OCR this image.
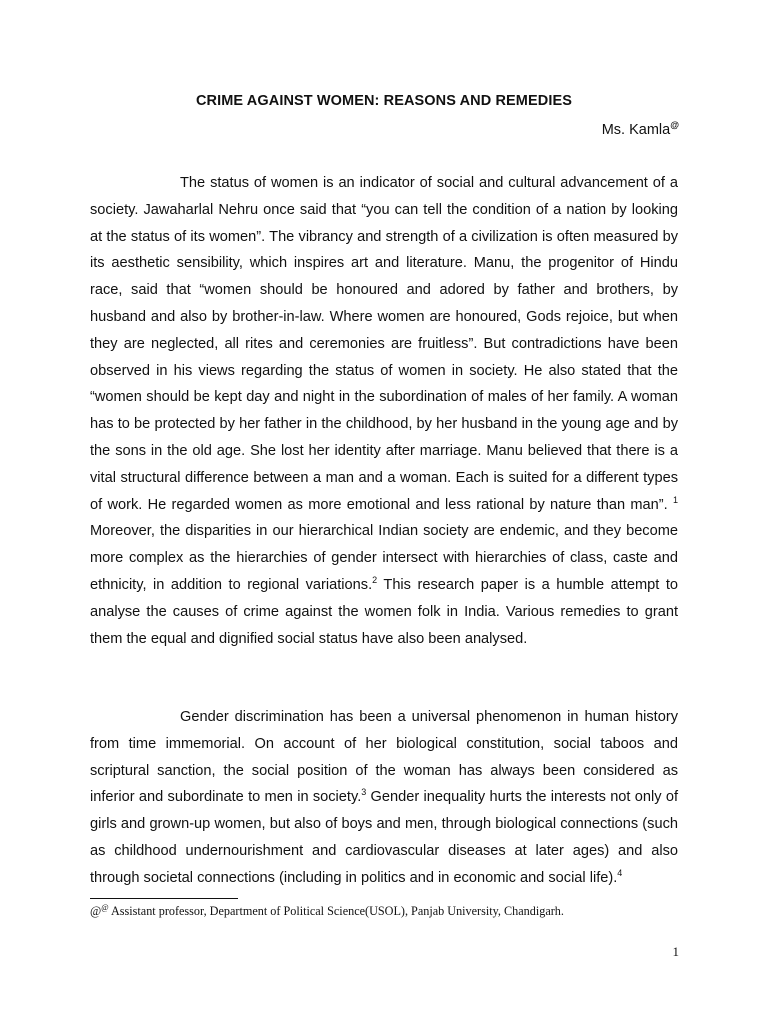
CRIME AGAINST WOMEN: REASONS AND REMEDIES
Ms. Kamla@

The status of women is an indicator of social and cultural advancement of a society. Jawaharlal Nehru once said that “you can tell the condition of a nation by looking at the status of its women”. The vibrancy and strength of a civilization is often measured by its aesthetic sensibility, which inspires art and literature. Manu, the progenitor of Hindu race, said that “women should be honoured and adored by father and brothers, by husband and also by brother-in-law. Where women are honoured, Gods rejoice, but when they are neglected, all rites and ceremonies are fruitless”. But contradictions have been observed in his views regarding the status of women in society. He also stated that the “women should be kept day and night in the subordination of males of her family. A woman has to be protected by her father in the childhood, by her husband in the young age and by the sons in the old age. She lost her identity after marriage. Manu believed that there is a vital structural difference between a man and a woman. Each is suited for a different types of work. He regarded women as more emotional and less rational by nature than man”. $^1$ Moreover, the disparities in our hierarchical Indian society are endemic, and they become more complex as the hierarchies of gender intersect with hierarchies of class, caste and ethnicity, in addition to regional variations.$^2$ This research paper is a humble attempt to analyse the causes of crime against the women folk in India. Various remedies to grant them the equal and dignified social status have also been analysed.

Gender discrimination has been a universal phenomenon in human history from time immemorial. On account of her biological constitution, social taboos and scriptural sanction, the social position of the woman has always been considered as inferior and subordinate to men in society.$^3$ Gender inequality hurts the interests not only of girls and grown-up women, but also of boys and men, through biological connections (such as childhood undernourishment and cardiovascular diseases at later ages) and also through societal connections (including in politics and in economic and social life).$^4$

@@ Assistant professor, Department of Political Science(USOL), Panjab University, Chandigarh.
1
